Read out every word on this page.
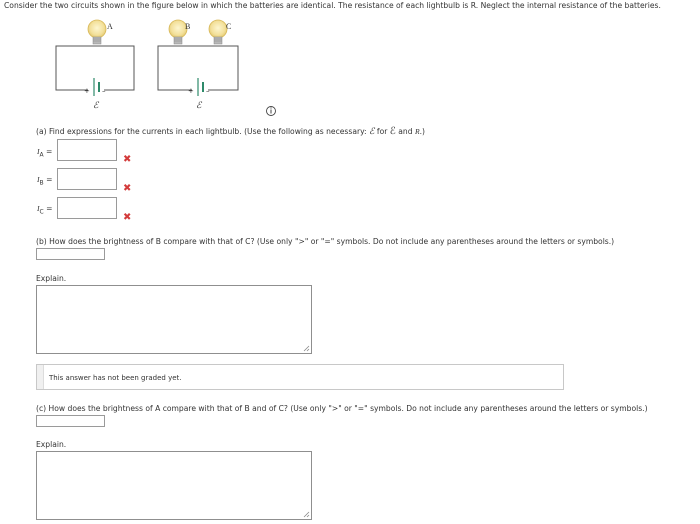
Consider the two circuits shown in the figure below in which the batteries are identical. The resistance of each lightbulb is R. Neglect the internal resistance of the batteries.
A	B	C
+ –
ℰ
+ –
ℰ
(a) Find expressions for the currents in each lightbulb. (Use the following as necessary: ℰ for ℰ and R.)
$I_A$ =
✖
$I_B$ =
✖
$I_C$ =
✖
(b) How does the brightness of B compare with that of C? (Use only ">" or "=" symbols. Do not include any parentheses around the letters or symbols.)
Explain.
This answer has not been graded yet.
(c) How does the brightness of A compare with that of B and of C? (Use only ">" or "=" symbols. Do not include any parentheses around the letters or symbols.)
Explain.
